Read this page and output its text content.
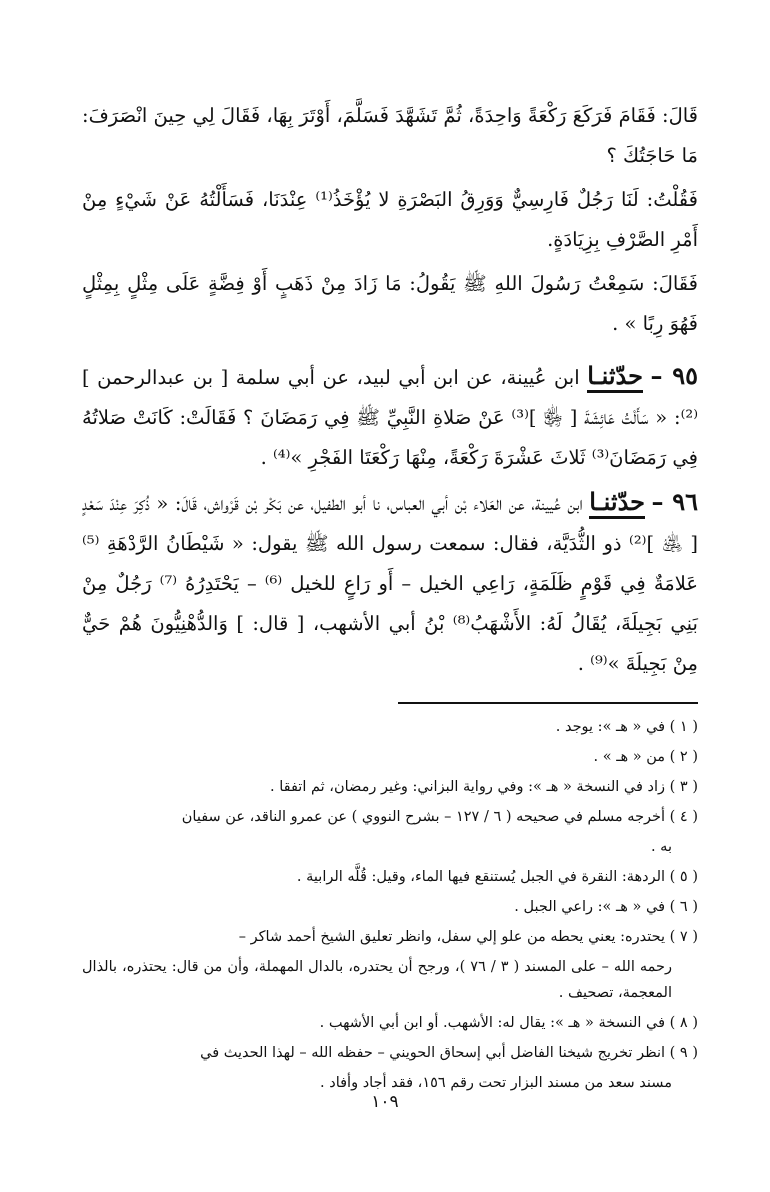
قَالَ: فَقَامَ فَرَكَعَ رَكْعَةً وَاحِدَةً، ثُمَّ تَشَهَّدَ فَسَلَّمَ، أَوْتَرَ بِهَا، فَقَالَ لِي حِينَ انْصَرَفَ: مَا حَاجَتُكَ ؟

فَقُلْتُ: لَنَا رَجُلٌ فَارِسِيٌّ وَوَرِقُ البَصْرَةِ لا يُؤْخَذُ⁽¹⁾ عِنْدَنَا، فَسَأَلْتُهُ عَنْ شَيْءٍ مِنْ أَمْرِ الصَّرْفِ بِزِيَادَةٍ.

فَقَالَ: سَمِعْتُ رَسُولَ اللهِ ﷺ يَقُولُ: مَا زَادَ مِنْ ذَهَبٍ أَوْ فِضَّةٍ عَلَى مِثْلٍ بِمِثْلٍ فَهُوَ رِبًا » .

٩٥ – حدّثنـا ابن عُيينة، عن ابن أبي لبيد، عن أبي سلمة [ بن عبدالرحمن ]⁽²⁾: « سَأَلْتُ عَائِشَةَ [ ﵂ ]⁽³⁾ عَنْ صَلاةِ النَّبِيِّ ﷺ فِي رَمَضَانَ ؟ فَقَالَتْ: كَانَتْ صَلاتُهُ فِي رَمَضَانَ⁽³⁾ ثَلاثَ عَشْرَةَ رَكْعَةً، مِنْهَا رَكْعَتَا الفَجْرِ »⁽⁴⁾ .

٩٦ – حدّثنـا ابن عُيينة، عن العَلاء بْن أبي العباس، نا أبو الطفيل، عن بَكْر بْن قَرْواش، قَالَ: « ذُكِرَ عِنْدَ سَعْدٍ [ ﵁ ]⁽²⁾ ذو الثُّدَيَّة، فقال: سمعت رسول الله ﷺ يقول: « شَيْطَانُ الرَّدْهَةِ ⁽⁵⁾ عَلامَةٌ فِي قَوْمٍ ظَلَمَةٍ، رَاعِي الخيل – أَو رَاعٍ للخيل ⁽⁶⁾ – يَحْتَدِرُهُ ⁽⁷⁾ رَجُلٌ مِنْ بَنِي بَجِيلَةَ، يُقَالُ لَهُ: الأَشْهَبُ⁽⁸⁾ بْنُ أبي الأشهب، [ قال: ] وَالدُّهْنِيُّونَ هُمْ حَيٌّ مِنْ بَجِيلَةَ »⁽⁹⁾ .

( ١ ) في « هـ »: يوجد .

( ٢ ) من « هـ » .

( ٣ ) زاد في النسخة « هـ »: وفي رواية البزاني: وغير رمضان، ثم اتفقا .

( ٤ ) أخرجه مسلم في صحيحه ( ٦ / ١٢٧ – بشرح النووي ) عن عمرو الناقد، عن سفيان

به .

( ٥ ) الردهة: النقرة في الجبل يُستنقع فيها الماء، وقيل: قُلَّه الرابية .

( ٦ ) في « هـ »: راعي الجبل .

( ٧ ) يحتدره: يعني يحطه من علو إلي سفل، وانظر تعليق الشيخ أحمد شاكر –

رحمه الله – على المسند ( ٣ / ٧٦ )، ورجح أن يحتدره، بالدال المهملة، وأن من قال: يحتذره، بالذال المعجمة، تصحيف .

( ٨ ) في النسخة « هـ »: يقال له: الأشهب. أو ابن أبي الأشهب .

( ٩ ) انظر تخريج شيخنا الفاضل أبي إسحاق الحويني – حفظه الله – لهذا الحديث في

مسند سعد من مسند البزار تحت رقم ١٥٦، فقد أجاد وأفاد .

١٠٩
